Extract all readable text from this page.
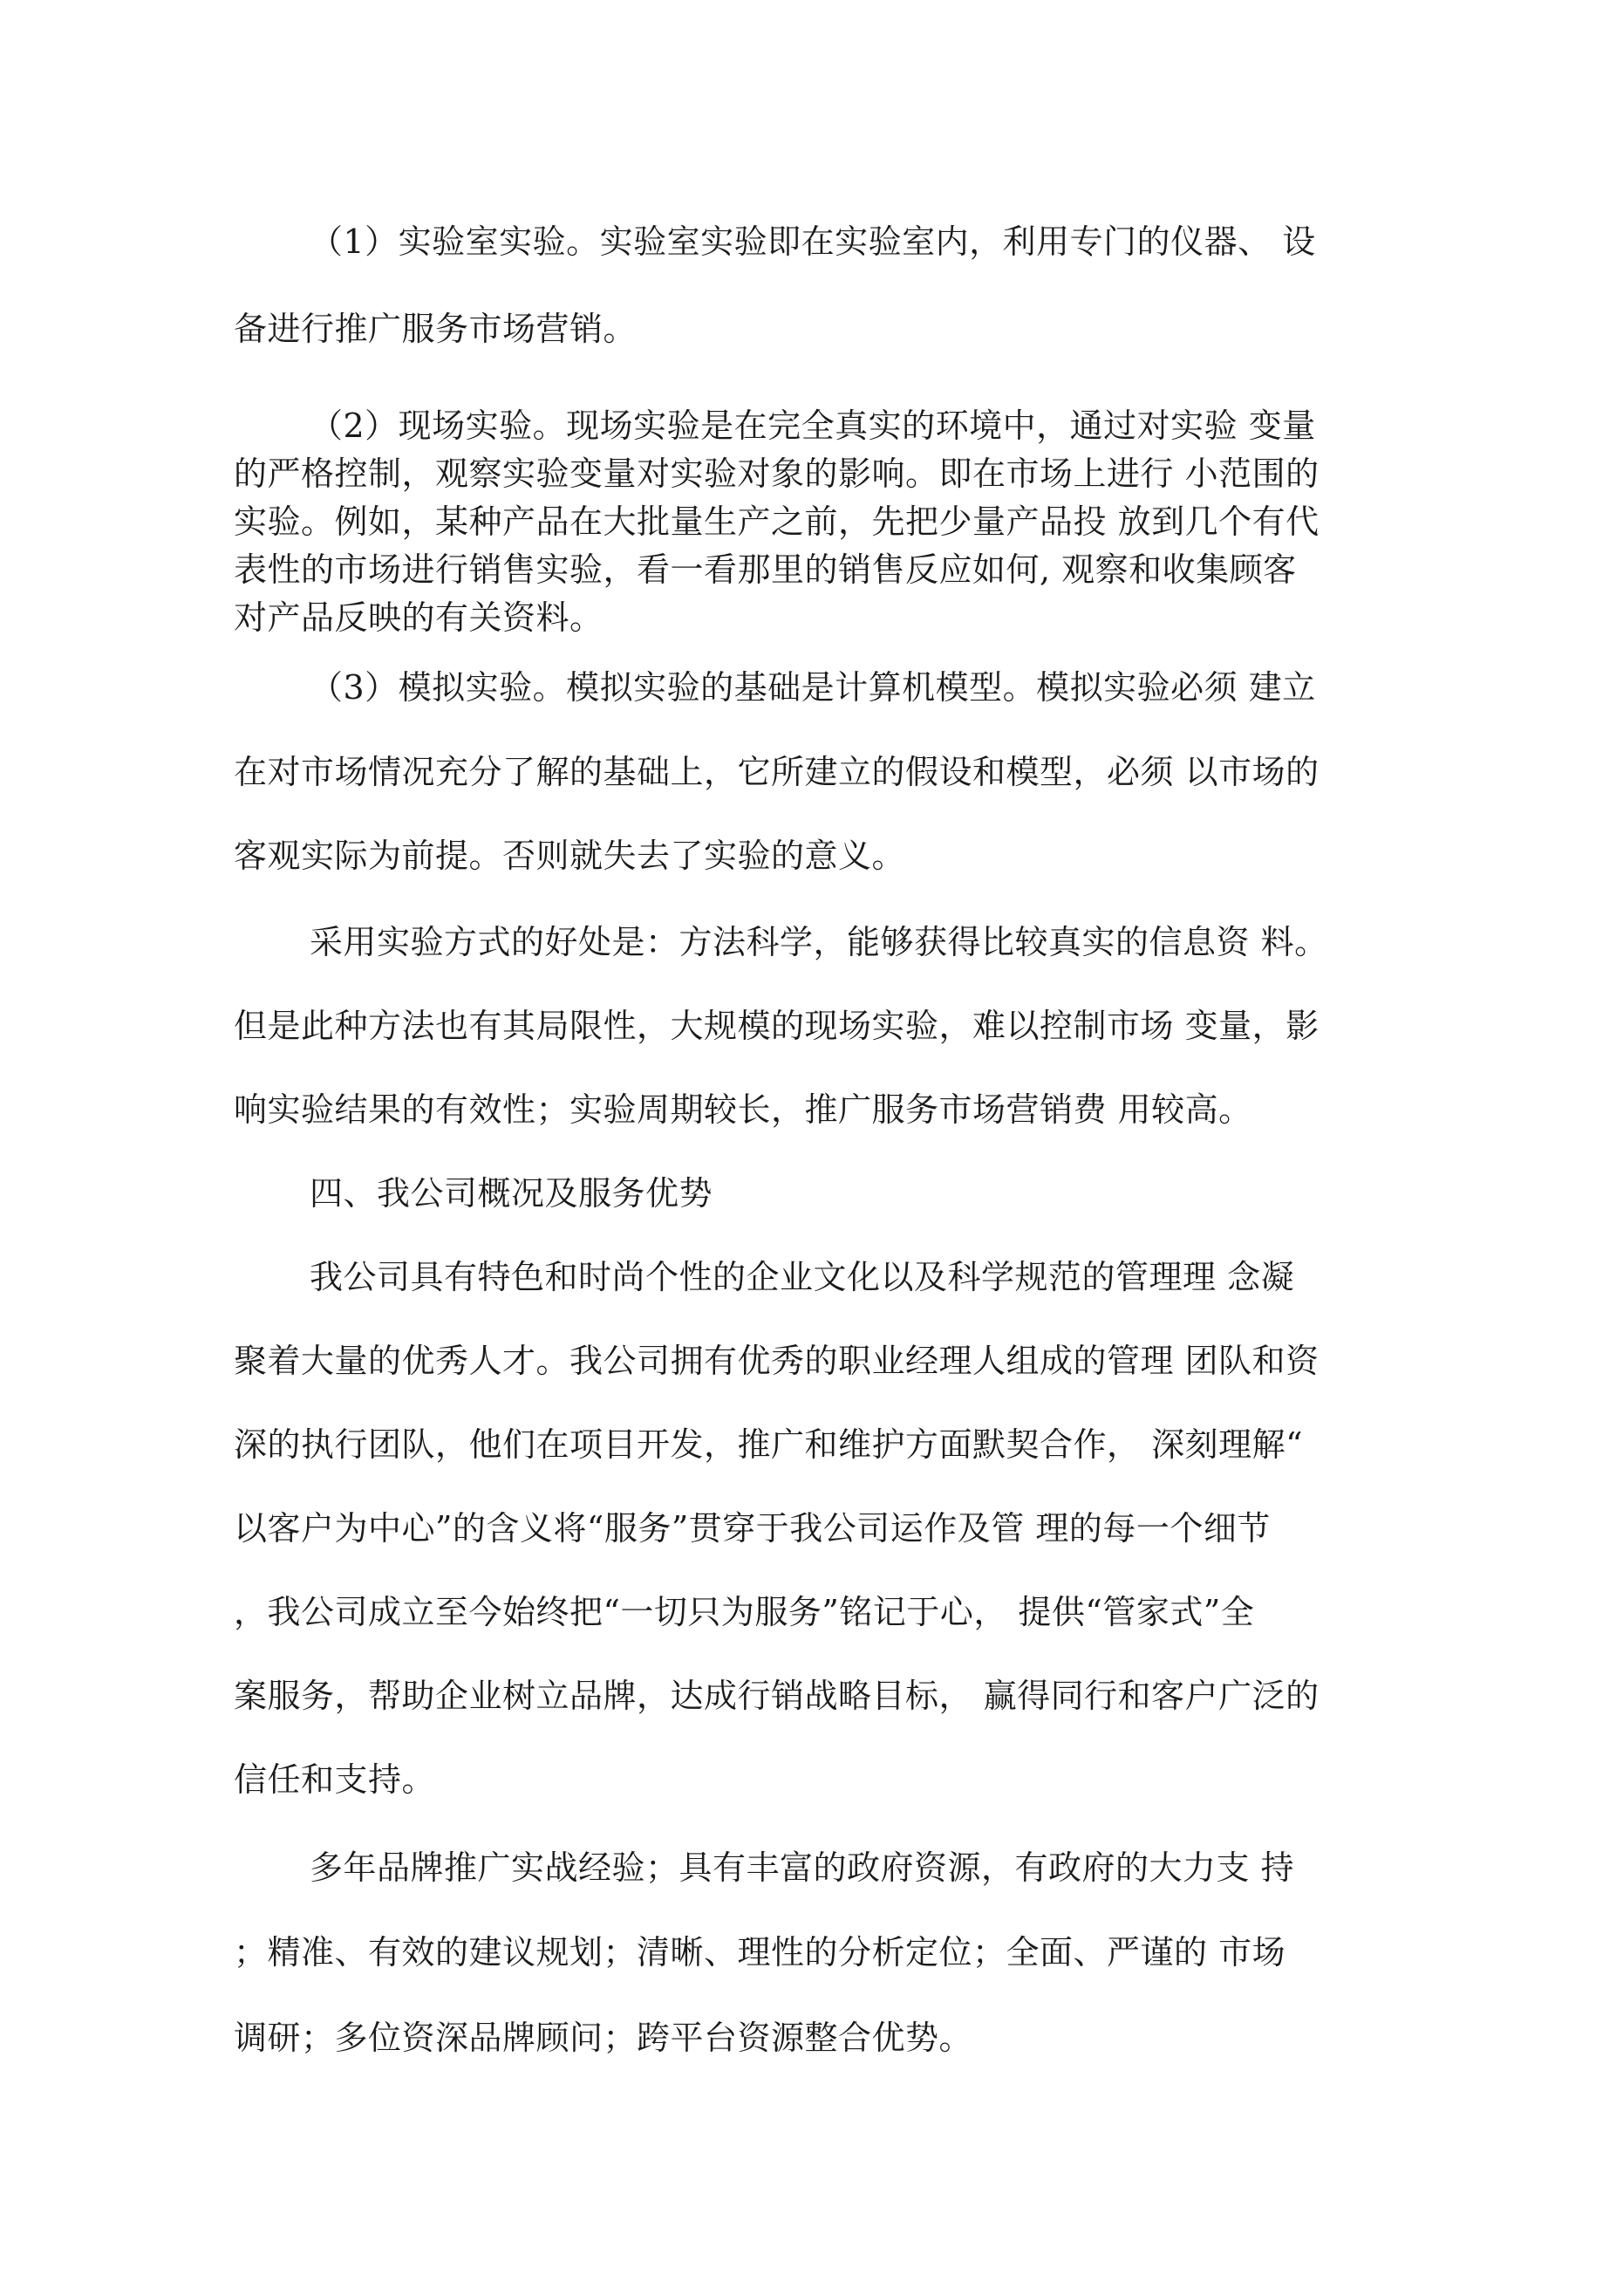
（1）实验室实验。实验室实验即在实验室内，利用专门的仪器、 设
备进行推广服务市场营销。
（2）现场实验。现场实验是在完全真实的环境中，通过对实验 变量
的严格控制，观察实验变量对实验对象的影响。即在市场上进行 小范围的
实验。例如，某种产品在大批量生产之前，先把少量产品投 放到几个有代
表性的市场进行销售实验，看一看那里的销售反应如何, 观察和收集顾客
对产品反映的有关资料。
（3）模拟实验。模拟实验的基础是计算机模型。模拟实验必须 建立
在对市场情况充分了解的基础上，它所建立的假设和模型，必须 以市场的
客观实际为前提。否则就失去了实验的意义。
采用实验方式的好处是：方法科学，能够获得比较真实的信息资 料。
但是此种方法也有其局限性，大规模的现场实验，难以控制市场 变量，影
响实验结果的有效性；实验周期较长，推广服务市场营销费 用较高。
四、我公司概况及服务优势
我公司具有特色和时尚个性的企业文化以及科学规范的管理理 念凝
聚着大量的优秀人才。我公司拥有优秀的职业经理人组成的管理 团队和资
深的执行团队，他们在项目开发，推广和维护方面默契合作， 深刻理解“
以客户为中心”的含义将“服务”贯穿于我公司运作及管 理的每一个细节
，我公司成立至今始终把“一切只为服务”铭记于心， 提供“管家式”全
案服务，帮助企业树立品牌，达成行销战略目标， 赢得同行和客户广泛的
信任和支持。
多年品牌推广实战经验；具有丰富的政府资源，有政府的大力支 持
；精准、有效的建议规划；清晰、理性的分析定位；全面、严谨的 市场
调研；多位资深品牌顾问；跨平台资源整合优势。
